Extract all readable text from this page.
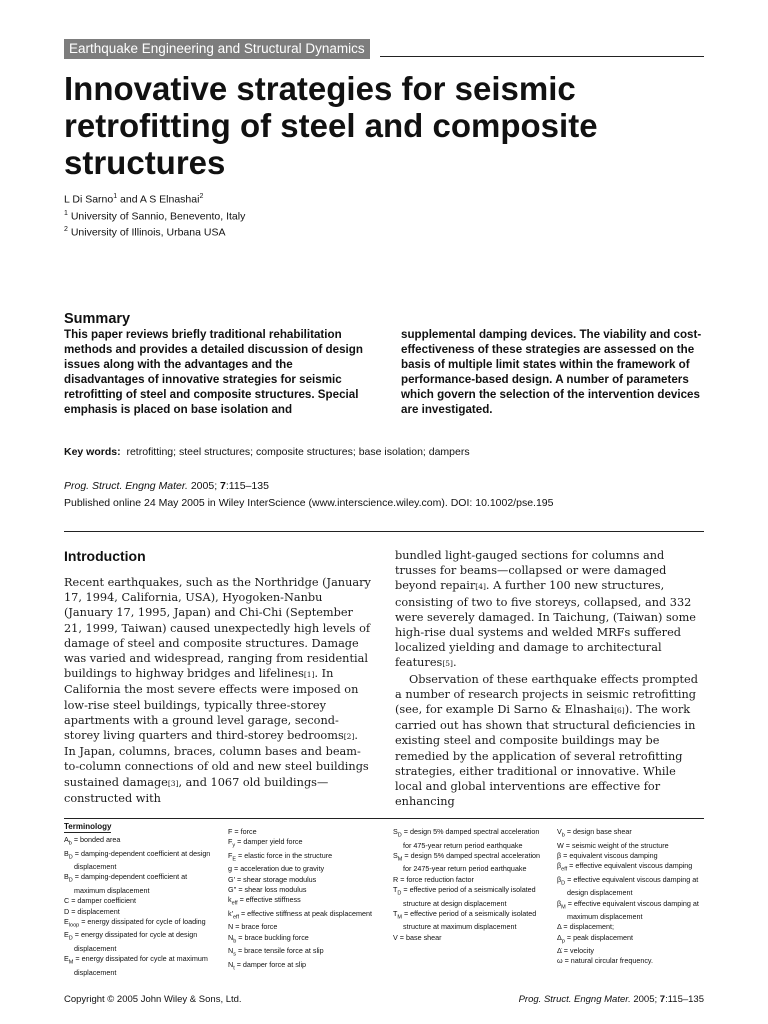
Earthquake Engineering and Structural Dynamics
Innovative strategies for seismic retrofitting of steel and composite structures
L Di Sarno$^1$ and A S Elnashai$^2$
$^1$ University of Sannio, Benevento, Italy
$^2$ University of Illinois, Urbana USA
Summary
This paper reviews briefly traditional rehabilitation methods and provides a detailed discussion of design issues along with the advantages and the disadvantages of innovative strategies for seismic retrofitting of steel and composite structures. Special emphasis is placed on base isolation and supplemental damping devices. The viability and cost-effectiveness of these strategies are assessed on the basis of multiple limit states within the framework of performance-based design. A number of parameters which govern the selection of the intervention devices are investigated.
Key words: retrofitting; steel structures; composite structures; base isolation; dampers
Prog. Struct. Engng Mater. 2005; 7:115–135
Published online 24 May 2005 in Wiley InterScience (www.interscience.wiley.com). DOI: 10.1002/pse.195
Introduction

Recent earthquakes, such as the Northridge (January 17, 1994, California, USA), Hyogoken-Nanbu (January 17, 1995, Japan) and Chi-Chi (September 21, 1999, Taiwan) caused unexpectedly high levels of damage of steel and composite structures. Damage was varied and widespread, ranging from residential buildings to highway bridges and lifelines[1]. In California the most severe effects were imposed on low-rise steel buildings, typically three-storey apartments with a ground level garage, second-storey living quarters and third-storey bedrooms[2]. In Japan, columns, braces, column bases and beam-to-column connections of old and new steel buildings sustained damage[3], and 1067 old buildings—constructed with

bundled light-gauged sections for columns and trusses for beams—collapsed or were damaged beyond repair[4]. A further 100 new structures, consisting of two to five storeys, collapsed, and 332 were severely damaged. In Taichung, (Taiwan) some high-rise dual systems and welded MRFs suffered localized yielding and damage to architectural features[5].

Observation of these earthquake effects prompted a number of research projects in seismic retrofitting (see, for example Di Sarno & Elnashai[6]). The work carried out has shown that structural deficiencies in existing steel and composite buildings may be remedied by the application of several retrofitting strategies, either traditional or innovative. While local and global interventions are effective for enhancing

Terminology
$A_b$ = bonded area
$B_D$ = damping-dependent coefficient at design displacement
$B_D$ = damping-dependent coefficient at maximum displacement
C = damper coefficient
D = displacement
$E_{loop}$ = energy dissipated for cycle of loading
$E_D$ = energy dissipated for cycle at design displacement
$E_M$ = energy dissipated for cycle at maximum displacement
F = force
$F_y$ = damper yield force
$F_E$ = elastic force in the structure
g = acceleration due to gravity
G' = shear storage modulus
G'' = shear loss modulus
$k_{eff}$ = effective stiffness
$k'_{eff}$ = effective stiffness at peak displacement
N = brace force
$N_b$ = brace buckling force
$N_s$ = brace tensile force at slip
$N_t$ = damper force at slip
$S_D$ = design 5% damped spectral acceleration for 475-year return period earthquake
$S_M$ = design 5% damped spectral acceleration for 2475-year return period earthquake
R = force reduction factor
$T_D$ = effective period of a seismically isolated structure at design displacement
$T_M$ = effective period of a seismically isolated structure at maximum displacement
V = base shear
$V_b$ = design base shear
W = seismic weight of the structure
β = equivalent viscous damping
$\beta_{eff}$ = effective equivalent viscous damping
$\beta_D$ = effective equivalent viscous damping at design displacement
$\beta_M$ = effective equivalent viscous damping at maximum displacement
Δ = displacement;
$\Delta_p$ = peak displacement
Δ̇ = velocity
ω = natural circular frequency.
Copyright © 2005 John Wiley & Sons, Ltd.	Prog. Struct. Engng Mater. 2005; 7:115–135
